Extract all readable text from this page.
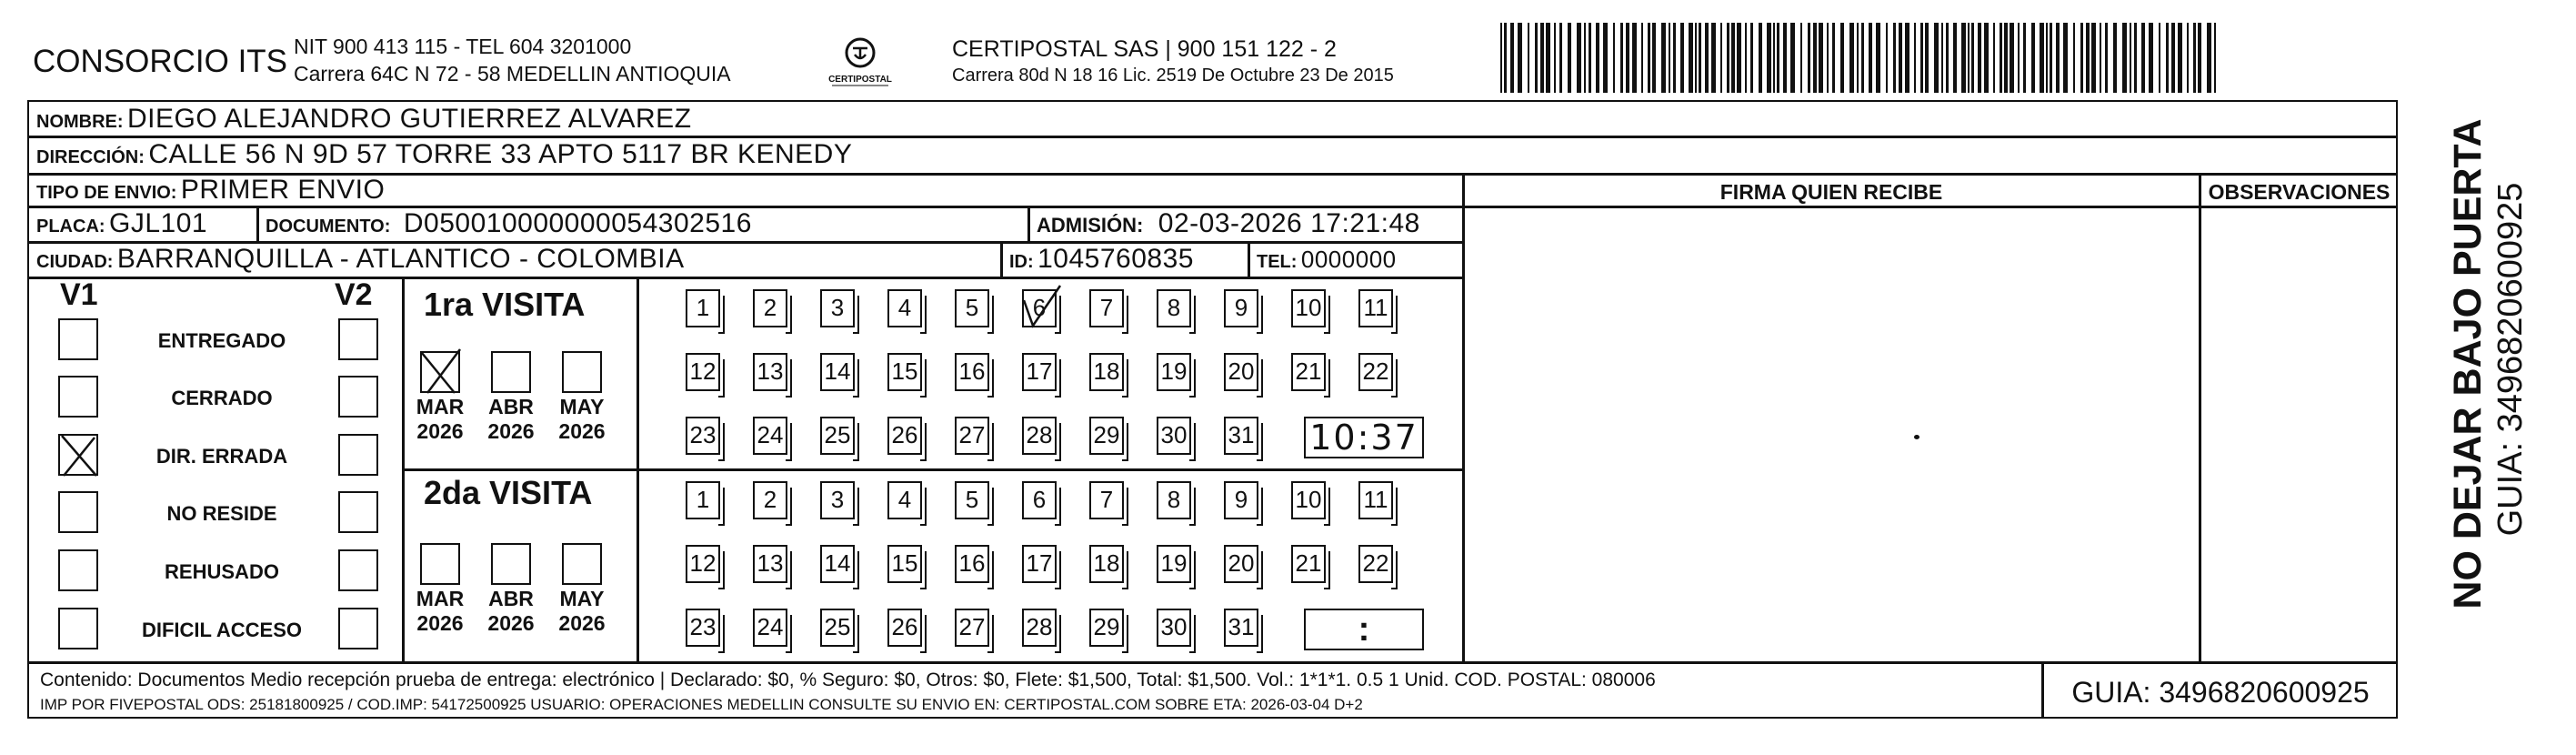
CONSORCIO ITS NIT 900 413 115 - TEL 604 3201000
Carrera 64C N 72 - 58 MEDELLIN ANTIOQUIA	CERTIPOSTAL
CERTIPOSTAL SAS | 900 151 122 - 2
Carrera 80d N 18 16 Lic. 2519 De Octubre 23 De 2015
NOMBRE: DIEGO ALEJANDRO GUTIERREZ ALVAREZ
DIRECCIÓN: CALLE 56 N 9D 57 TORRE 33 APTO 5117 BR KENEDY
TIPO DE ENVIO: PRIMER ENVIO
PLACA: GJL101	DOCUMENTO: D050010000000054302516	ADMISIÓN: 02-03-2026 17:21:48
CIUDAD: BARRANQUILLA - ATLANTICO - COLOMBIA	ID: 1045760835	TEL: 0000000
FIRMA QUIEN RECIBE	OBSERVACIONES
V1	V2
ENTREGADO
CERRADO
DIR. ERRADA
NO RESIDE
REHUSADO
DIFICIL ACCESO
1ra VISITA
2da VISITA
MAR
2026
ABR
2026
MAY
2026
1	2	3	4	5	6	7	8	9	10 11
12 13 14 15 16 17 18 19 20 21 22
23 24 25 26 27 28 29 30 31 10:37
MAR
2026
ABR
2026
MAY
2026
1	2	3	4	5	6	7	8	9	10 11
12 13 14 15 16 17 18 19 20 21 22
23 24 25 26 27 28 29 30 31	:
Contenido: Documentos Medio recepción prueba de entrega: electrónico | Declarado: $0, % Seguro: $0, Otros: $0, Flete: $1,500, Total: $1,500. Vol.: 1*1*1. 0.5 1 Unid. COD. POSTAL: 080006
IMP POR FIVEPOSTAL ODS: 25181800925 / COD.IMP: 54172500925 USUARIO: OPERACIONES MEDELLIN CONSULTE SU ENVIO EN: CERTIPOSTAL.COM SOBRE ETA: 2026-03-04 D+2	GUIA: 3496820600925
NO DEJAR BAJO PUERTA GUIA: 3496820600925
